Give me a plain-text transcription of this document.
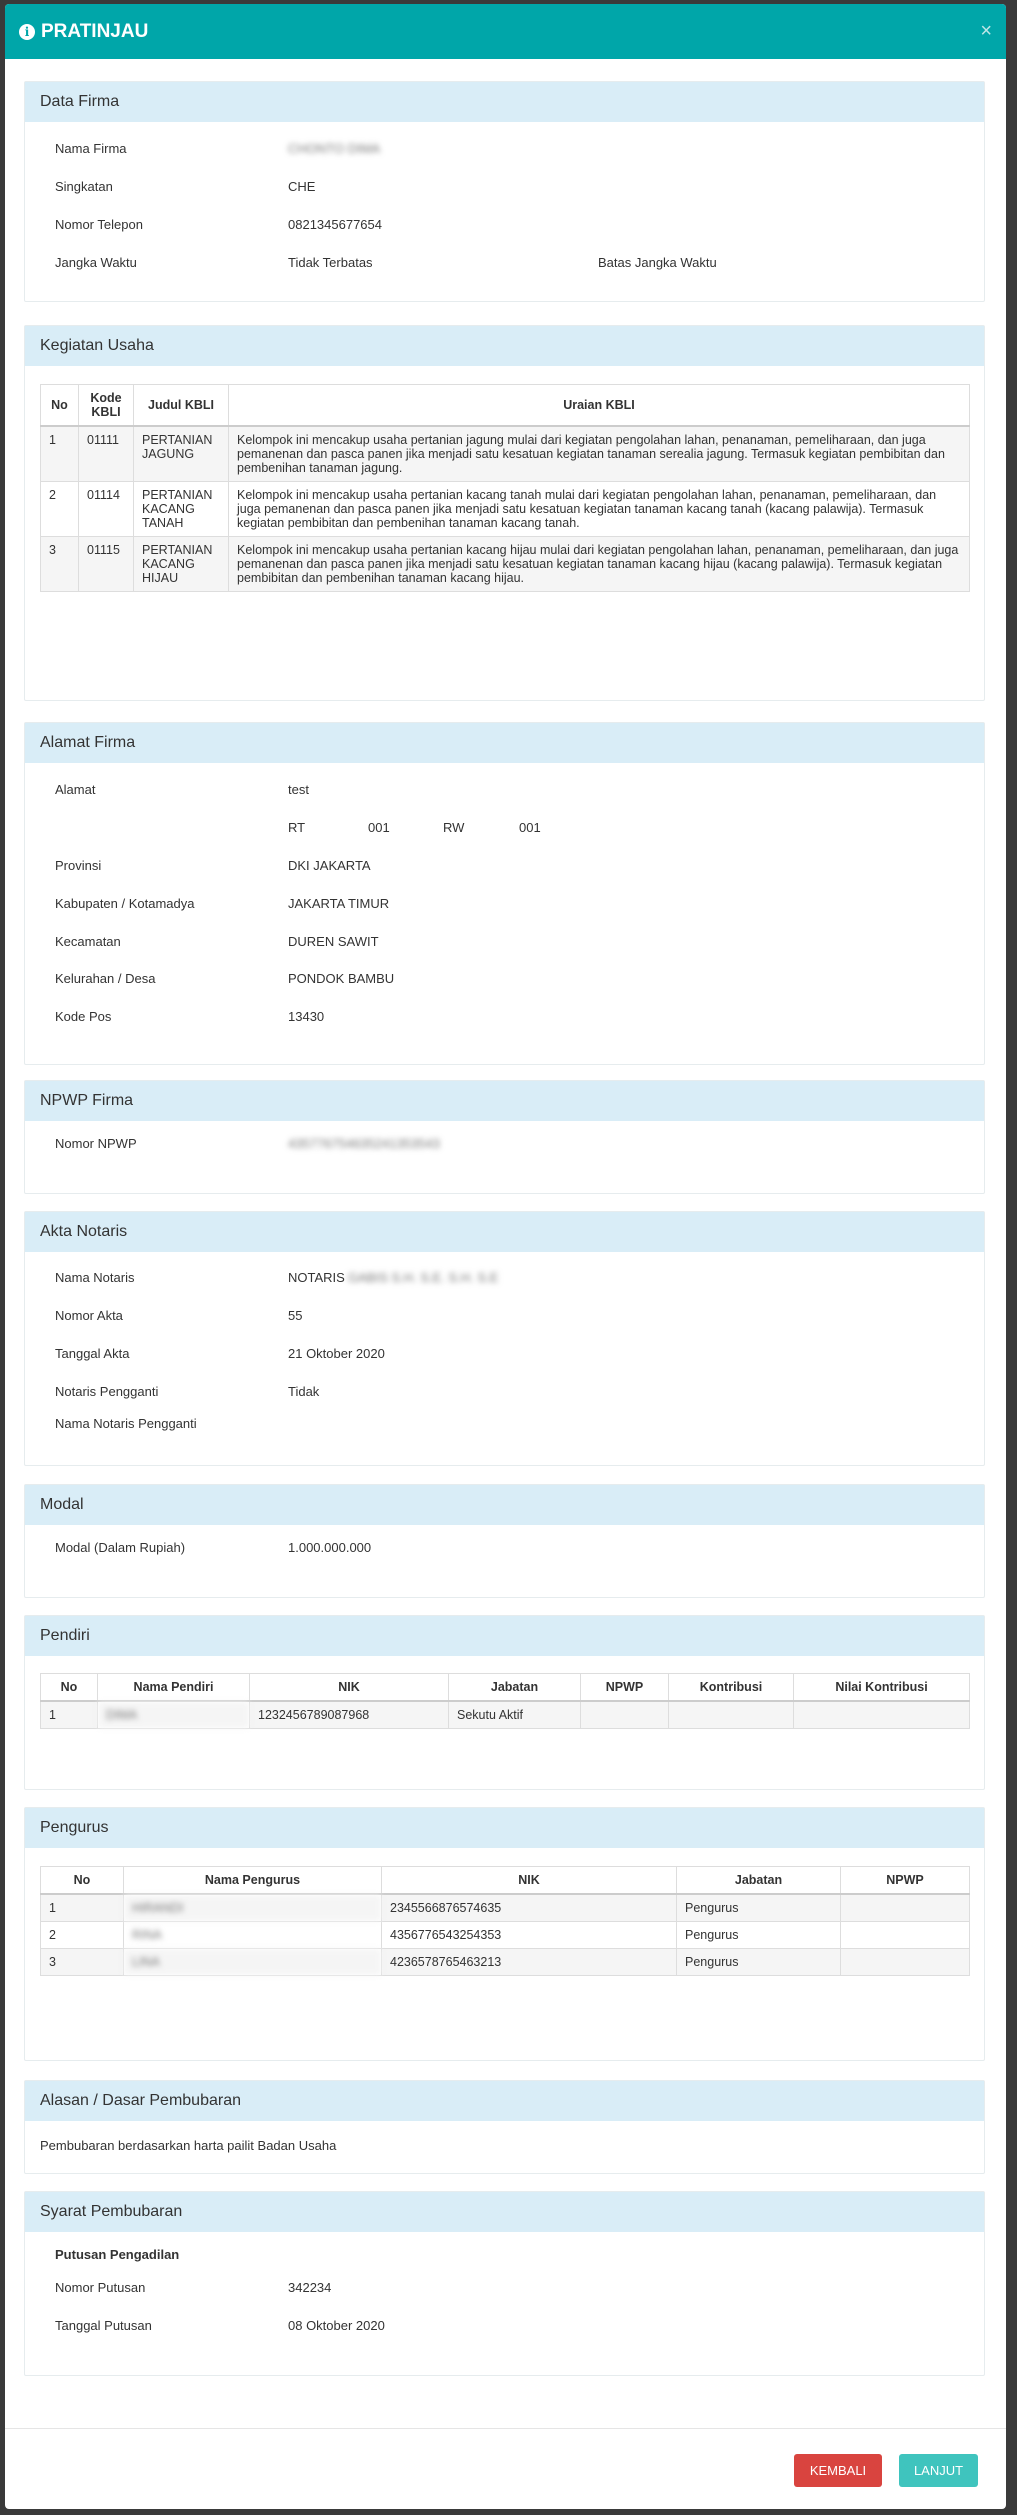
i PRATINJAU	×
Data Firma
Nama Firma	CHONTO DIMA
Singkatan	CHE
Nomor Telepon	0821345677654
Jangka Waktu	Tidak Terbatas	Batas Jangka Waktu
Kegiatan Usaha
No	Kode KBLI	Judul KBLI	Uraian KBLI
1	01111	PERTANIAN JAGUNG	Kelompok ini mencakup usaha pertanian jagung mulai dari kegiatan pengolahan lahan, penanaman, pemeliharaan, dan juga pemanenan dan pasca panen jika menjadi satu kesatuan kegiatan tanaman serealia jagung. Termasuk kegiatan pembibitan dan pembenihan tanaman jagung.
2	01114	PERTANIAN KACANG TANAH	Kelompok ini mencakup usaha pertanian kacang tanah mulai dari kegiatan pengolahan lahan, penanaman, pemeliharaan, dan juga pemanenan dan pasca panen jika menjadi satu kesatuan kegiatan tanaman kacang tanah (kacang palawija). Termasuk kegiatan pembibitan dan pembenihan tanaman kacang tanah.
3	01115	PERTANIAN KACANG HIJAU	Kelompok ini mencakup usaha pertanian kacang hijau mulai dari kegiatan pengolahan lahan, penanaman, pemeliharaan, dan juga pemanenan dan pasca panen jika menjadi satu kesatuan kegiatan tanaman kacang hijau (kacang palawija). Termasuk kegiatan pembibitan dan pembenihan tanaman kacang hijau.
Alamat Firma
Alamat	test
RT	001	RW	001
Provinsi	DKI JAKARTA
Kabupaten / Kotamadya	JAKARTA TIMUR
Kecamatan	DUREN SAWIT
Kelurahan / Desa	PONDOK BAMBU
Kode Pos	13430
NPWP Firma
Nomor NPWP	435776754635241353543
Akta Notaris
Nama Notaris	NOTARIS GABIS S.H. S.E. S.H. S.E
Nomor Akta	55
Tanggal Akta	21 Oktober 2020
Notaris Pengganti	Tidak
Nama Notaris Pengganti
Modal
Modal (Dalam Rupiah)	1.000.000.000
Pendiri
No	Nama Pendiri	NIK	Jabatan	NPWP	Kontribusi	Nilai Kontribusi
1	DIMA	1232456789087968	Sekutu Aktif			
Pengurus
No	Nama Pengurus	NIK	Jabatan	NPWP
1	HIRANDI	2345566876574635	Pengurus	
2	RINA	4356776543254353	Pengurus	
3	LINA	4236578765463213	Pengurus	
Alasan / Dasar Pembubaran
Pembubaran berdasarkan harta pailit Badan Usaha
Syarat Pembubaran
Putusan Pengadilan
Nomor Putusan	342234
Tanggal Putusan	08 Oktober 2020
KEMBALI	LANJUT
